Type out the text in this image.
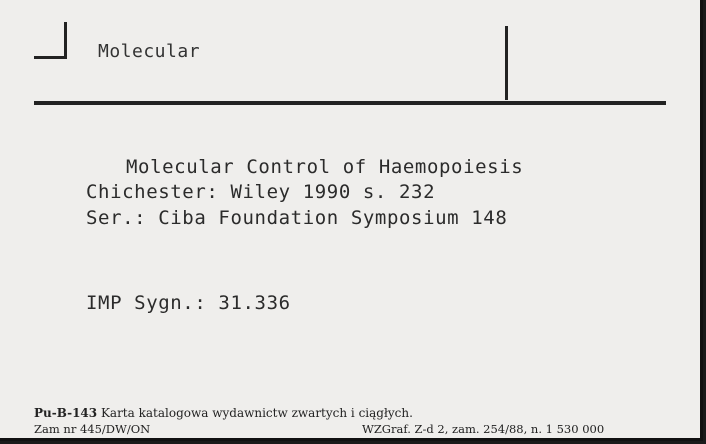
Molecular
Molecular Control of Haemopoiesis
Chichester: Wiley 1990 s. 232
Ser.: Ciba Foundation Symposium 148
IMP Sygn.: 31.336
Pu-B-143 Karta katalogowa wydawnictw zwartych i ciągłych.
Zam nr 445/DW/ON	WZGraf. Z-d 2, zam. 254/88, n. 1 530 000
